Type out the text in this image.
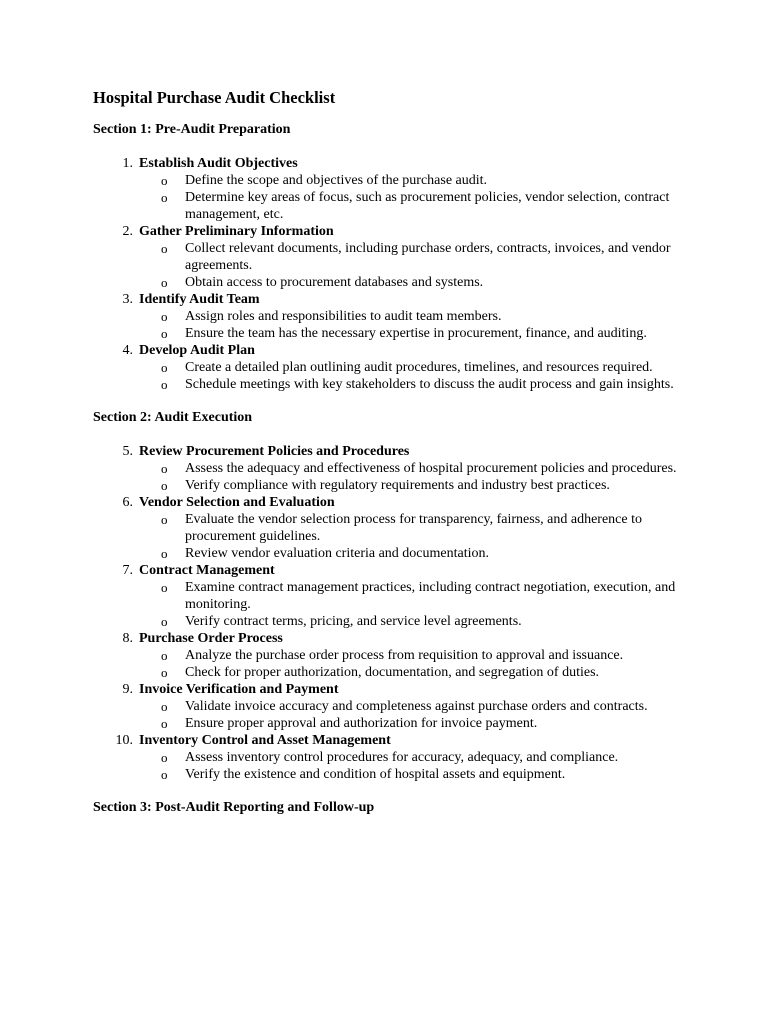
Hospital Purchase Audit Checklist
Section 1: Pre-Audit Preparation
1. Establish Audit Objectives
o Define the scope and objectives of the purchase audit.
o Determine key areas of focus, such as procurement policies, vendor selection, contract management, etc.
2. Gather Preliminary Information
o Collect relevant documents, including purchase orders, contracts, invoices, and vendor agreements.
o Obtain access to procurement databases and systems.
3. Identify Audit Team
o Assign roles and responsibilities to audit team members.
o Ensure the team has the necessary expertise in procurement, finance, and auditing.
4. Develop Audit Plan
o Create a detailed plan outlining audit procedures, timelines, and resources required.
o Schedule meetings with key stakeholders to discuss the audit process and gain insights.
Section 2: Audit Execution
5. Review Procurement Policies and Procedures
o Assess the adequacy and effectiveness of hospital procurement policies and procedures.
o Verify compliance with regulatory requirements and industry best practices.
6. Vendor Selection and Evaluation
o Evaluate the vendor selection process for transparency, fairness, and adherence to procurement guidelines.
o Review vendor evaluation criteria and documentation.
7. Contract Management
o Examine contract management practices, including contract negotiation, execution, and monitoring.
o Verify contract terms, pricing, and service level agreements.
8. Purchase Order Process
o Analyze the purchase order process from requisition to approval and issuance.
o Check for proper authorization, documentation, and segregation of duties.
9. Invoice Verification and Payment
o Validate invoice accuracy and completeness against purchase orders and contracts.
o Ensure proper approval and authorization for invoice payment.
10. Inventory Control and Asset Management
o Assess inventory control procedures for accuracy, adequacy, and compliance.
o Verify the existence and condition of hospital assets and equipment.
Section 3: Post-Audit Reporting and Follow-up
